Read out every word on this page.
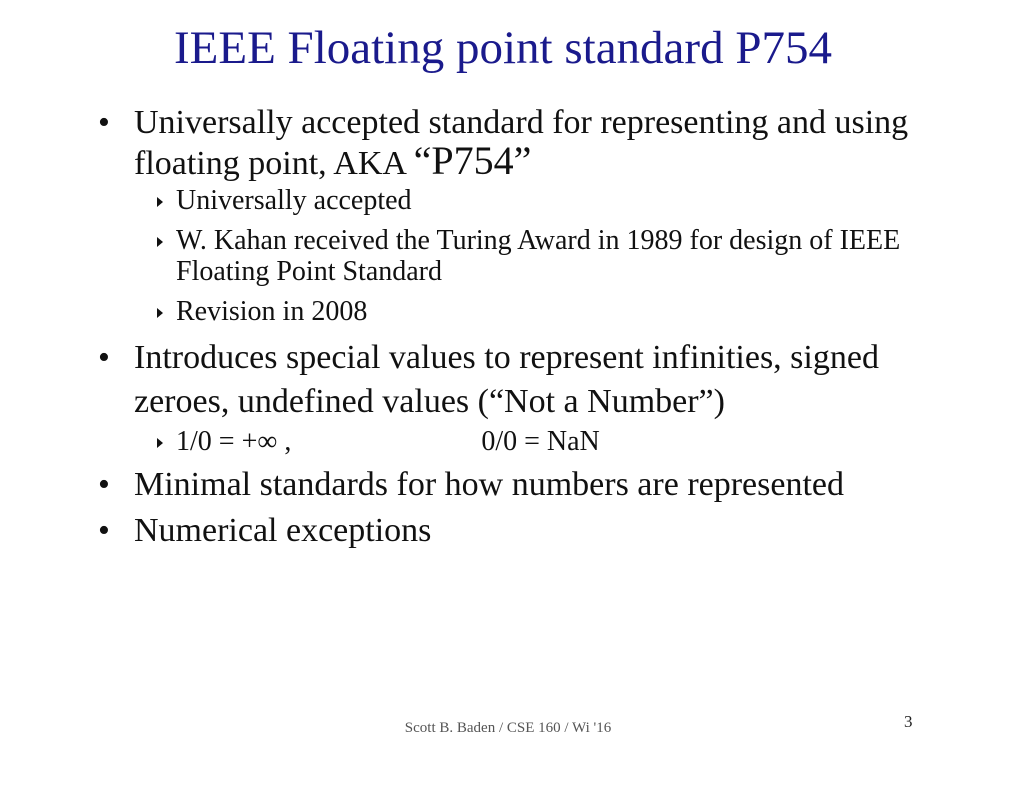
IEEE Floating point standard P754
• Universally accepted standard for representing and using floating point, AKA “P754”
Universally accepted
W. Kahan received the Turing Award in 1989 for design of IEEE Floating Point Standard
Revision in 2008
• Introduces special values to represent infinities, signed zeroes, undefined values (“Not a Number”)
1/0 = +∞ ,	0/0 = NaN
• Minimal standards for how numbers are represented
• Numerical exceptions
Scott B. Baden / CSE 160 / Wi '16	3
